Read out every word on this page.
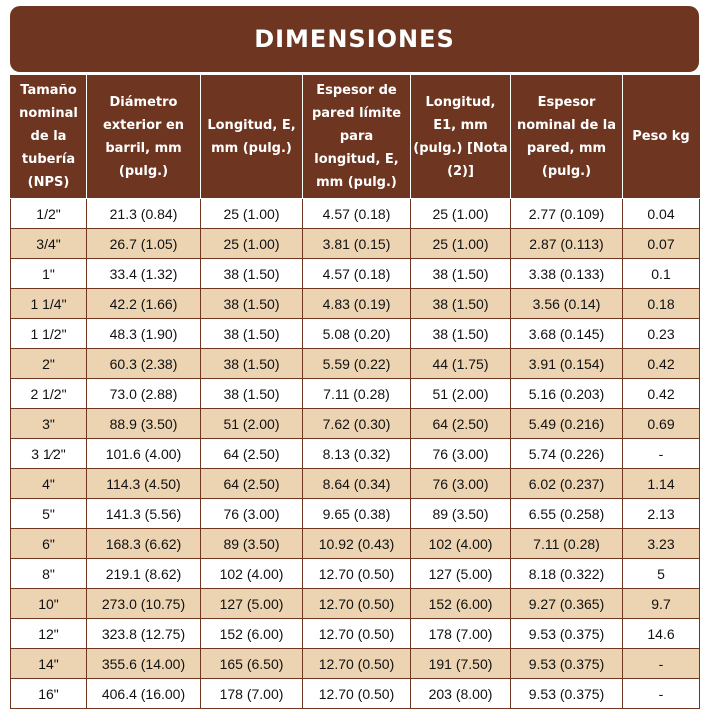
DIMENSIONES
Tamaño nominal de la tubería (NPS)	Diámetro exterior en barril, mm (pulg.)	Longitud, E, mm (pulg.)	Espesor de pared límite para longitud, E, mm (pulg.)	Longitud, E1, mm (pulg.) [Nota (2)]	Espesor nominal de la pared, mm (pulg.)	Peso kg
1/2"	21.3 (0.84)	25 (1.00)	4.57 (0.18)	25 (1.00)	2.77 (0.109)	0.04
3/4"	26.7 (1.05)	25 (1.00)	3.81 (0.15)	25 (1.00)	2.87 (0.113)	0.07
1"	33.4 (1.32)	38 (1.50)	4.57 (0.18)	38 (1.50)	3.38 (0.133)	0.1
1 1/4"	42.2 (1.66)	38 (1.50)	4.83 (0.19)	38 (1.50)	3.56 (0.14)	0.18
1 1/2"	48.3 (1.90)	38 (1.50)	5.08 (0.20)	38 (1.50)	3.68 (0.145)	0.23
2"	60.3 (2.38)	38 (1.50)	5.59 (0.22)	44 (1.75)	3.91 (0.154)	0.42
2 1/2"	73.0 (2.88)	38 (1.50)	7.11 (0.28)	51 (2.00)	5.16 (0.203)	0.42
3"	88.9 (3.50)	51 (2.00)	7.62 (0.30)	64 (2.50)	5.49 (0.216)	0.69
3 1⁄2"	101.6 (4.00)	64 (2.50)	8.13 (0.32)	76 (3.00)	5.74 (0.226)	-
4"	114.3 (4.50)	64 (2.50)	8.64 (0.34)	76 (3.00)	6.02 (0.237)	1.14
5"	141.3 (5.56)	76 (3.00)	9.65 (0.38)	89 (3.50)	6.55 (0.258)	2.13
6"	168.3 (6.62)	89 (3.50)	10.92 (0.43)	102 (4.00)	7.11 (0.28)	3.23
8"	219.1 (8.62)	102 (4.00)	12.70 (0.50)	127 (5.00)	8.18 (0.322)	5
10"	273.0 (10.75)	127 (5.00)	12.70 (0.50)	152 (6.00)	9.27 (0.365)	9.7
12"	323.8 (12.75)	152 (6.00)	12.70 (0.50)	178 (7.00)	9.53 (0.375)	14.6
14"	355.6 (14.00)	165 (6.50)	12.70 (0.50)	191 (7.50)	9.53 (0.375)	-
16"	406.4 (16.00)	178 (7.00)	12.70 (0.50)	203 (8.00)	9.53 (0.375)	-
